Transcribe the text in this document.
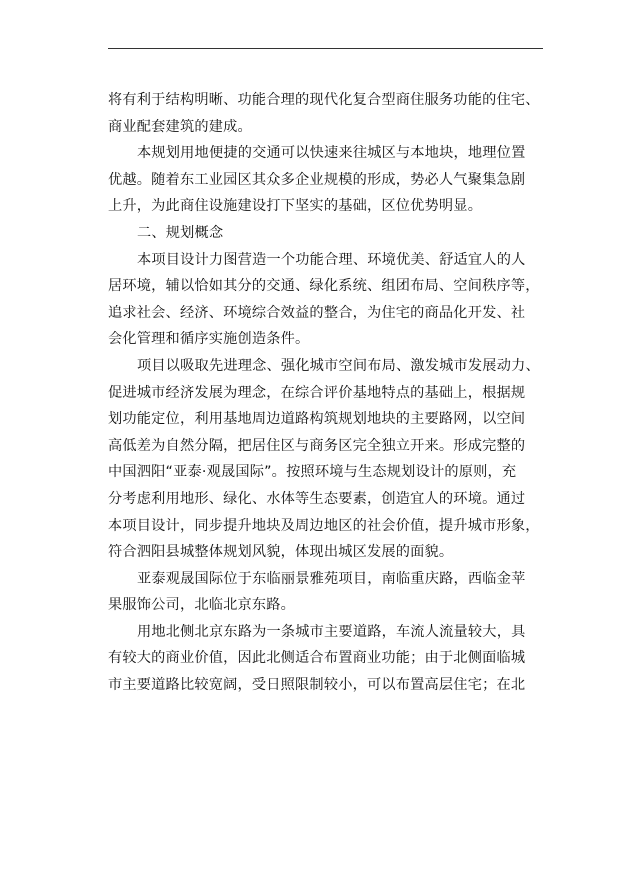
将有利于结构明晰、功能合理的现代化复合型商住服务功能的住宅、
商业配套建筑的建成。

本规划用地便捷的交通可以快速来往城区与本地块，地理位置
优越。随着东工业园区其众多企业规模的形成，势必人气聚集急剧
上升，为此商住设施建设打下坚实的基础，区位优势明显。

二、规划概念

本项目设计力图营造一个功能合理、环境优美、舒适宜人的人
居环境，辅以恰如其分的交通、绿化系统、组团布局、空间秩序等，
追求社会、经济、环境综合效益的整合，为住宅的商品化开发、社
会化管理和循序实施创造条件。

项目以吸取先进理念、强化城市空间布局、激发城市发展动力、
促进城市经济发展为理念，在综合评价基地特点的基础上，根据规
划功能定位，利用基地周边道路构筑规划地块的主要路网，以空间
高低差为自然分隔，把居住区与商务区完全独立开来。形成完整的
中国泗阳“亚泰·观晟国际”。按照环境与生态规划设计的原则，充
分考虑利用地形、绿化、水体等生态要素，创造宜人的环境。通过
本项目设计，同步提升地块及周边地区的社会价值，提升城市形象，
符合泗阳县城整体规划风貌，体现出城区发展的面貌。

亚泰观晟国际位于东临丽景雅苑项目，南临重庆路，西临金苹
果服饰公司，北临北京东路。

用地北侧北京东路为一条城市主要道路，车流人流量较大，具
有较大的商业价值，因此北侧适合布置商业功能；由于北侧面临城
市主要道路比较宽阔，受日照限制较小，可以布置高层住宅；在北
